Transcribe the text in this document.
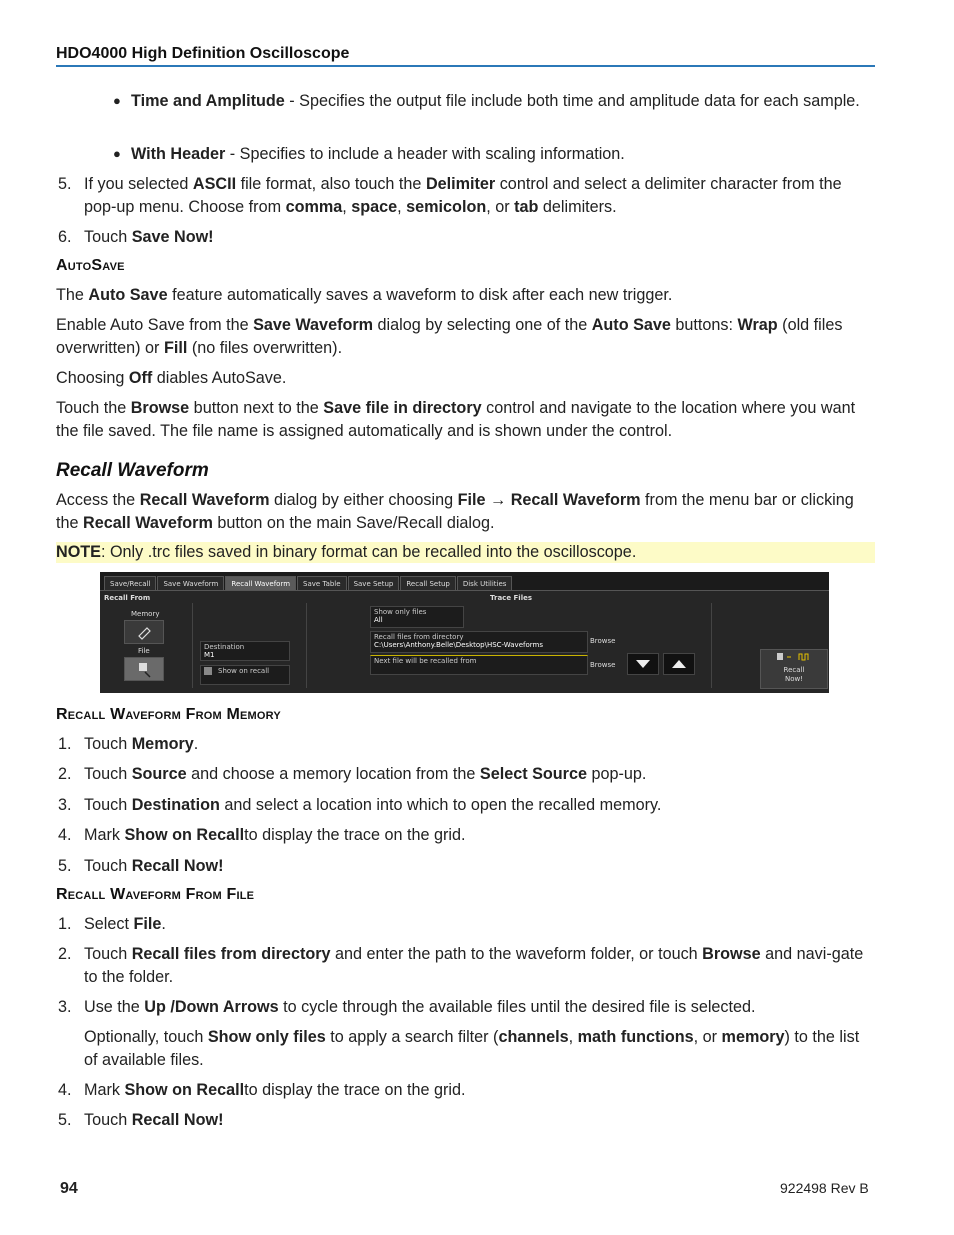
HDO4000 High Definition Oscilloscope
● Time and Amplitude - Specifies the output file include both time and amplitude data for each sample.
● With Header - Specifies to include a header with scaling information.
5. If you selected ASCII file format, also touch the Delimiter control and select a delimiter character from the pop-up menu. Choose from comma, space, semicolon, or tab delimiters.
6. Touch Save Now!
AutoSave
The Auto Save feature automatically saves a waveform to disk after each new trigger.
Enable Auto Save from the Save Waveform dialog by selecting one of the Auto Save buttons: Wrap (old files overwritten) or Fill (no files overwritten).
Choosing Off diables AutoSave.
Touch the Browse button next to the Save file in directory control and navigate to the location where you want the file saved. The file name is assigned automatically and is shown under the control.
Recall Waveform
Access the Recall Waveform dialog by either choosing File → Recall Waveform from the menu bar or clicking the Recall Waveform button on the main Save/Recall dialog.
NOTE: Only .trc files saved in binary format can be recalled into the oscilloscope.
Save/Recall	Save Waveform	Recall Waveform	Save Table	Save Setup	Recall Setup	Disk Utilities
Recall From	Trace Files
Memory
File	Destination
M1
Show on recall
Show only files
All
Recall files from directory
C:\Users\Anthony.Belle\Desktop\HSC-Waveforms	Browse
Next file will be recalled from	Browse
Recall Now!
Recall Waveform From Memory
1. Touch Memory.
2. Touch Source and choose a memory location from the Select Source pop-up.
3. Touch Destination and select a location into which to open the recalled memory.
4. Mark Show on Recallto display the trace on the grid.
5. Touch Recall Now!
Recall Waveform From File
1. Select File.
2. Touch Recall files from directory and enter the path to the waveform folder, or touch Browse and navi-gate to the folder.
3. Use the Up /Down Arrows to cycle through the available files until the desired file is selected.
Optionally, touch Show only files to apply a search filter (channels, math functions, or memory) to the list of available files.
4. Mark Show on Recallto display the trace on the grid.
5. Touch Recall Now!
94	922498 Rev B
